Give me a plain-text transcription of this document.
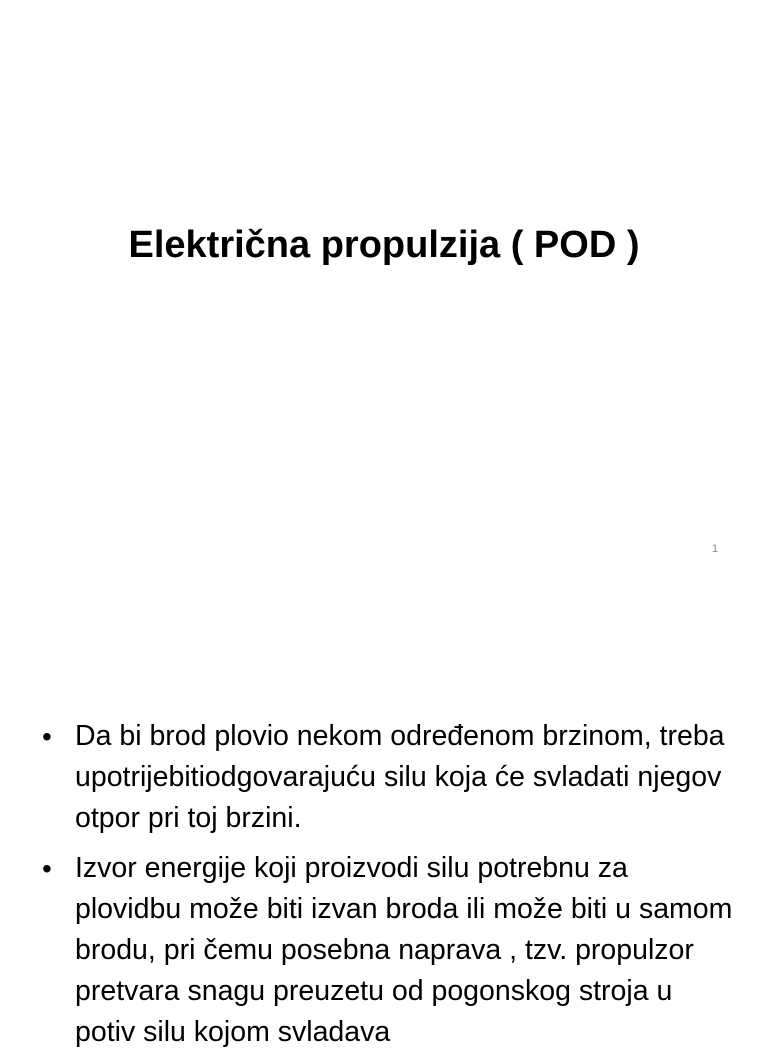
Električna propulzija ( POD )
1
• Da bi brod plovio nekom određenom brzinom, treba upotrijebitiodgovarajuću silu koja će svladati njegov otpor pri toj brzini.
• Izvor energije koji proizvodi silu potrebnu za plovidbu može biti izvan broda ili može biti u samom brodu, pri čemu posebna naprava , tzv. propulzor pretvara snagu preuzetu od pogonskog stroja u potiv silu kojom svladava
